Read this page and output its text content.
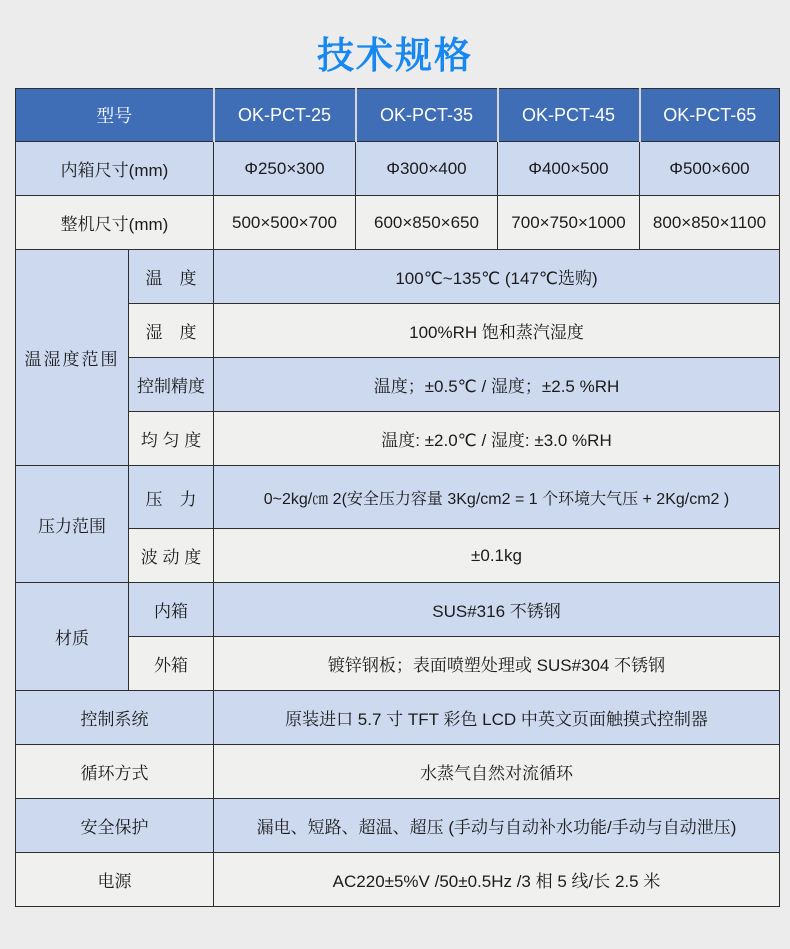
技术规格
型号		OK-PCT-25	OK-PCT-35	OK-PCT-45	OK-PCT-65
内箱尺寸(mm)		Φ250×300	Φ300×400	Φ400×500	Φ500×600
整机尺寸(mm)		500×500×700	600×850×650	700×750×1000	800×850×1100
温湿度范围	温　度	100℃~135℃ (147℃选购)			
	湿　度	100%RH 饱和蒸汽湿度			
	控制精度	温度；±0.5℃ / 湿度；±2.5 %RH			
	均 匀 度	温度: ±2.0℃ / 湿度: ±3.0 %RH			
压力范围	压　力	0~2kg/㎝ 2(安全压力容量 3Kg/cm2 = 1 个环境大气压 + 2Kg/cm2 )			
	波 动 度	±0.1kg			
材质	内箱	SUS#316 不锈钢			
	外箱	镀锌钢板；表面喷塑处理或 SUS#304 不锈钢			
控制系统		原装进口 5.7 寸 TFT 彩色 LCD 中英文页面触摸式控制器			
循环方式		水蒸气自然对流循环			
安全保护		漏电、短路、超温、超压 (手动与自动补水功能/手动与自动泄压)			
电源		AC220±5%V /50±0.5Hz /3 相 5 线/长 2.5 米			
